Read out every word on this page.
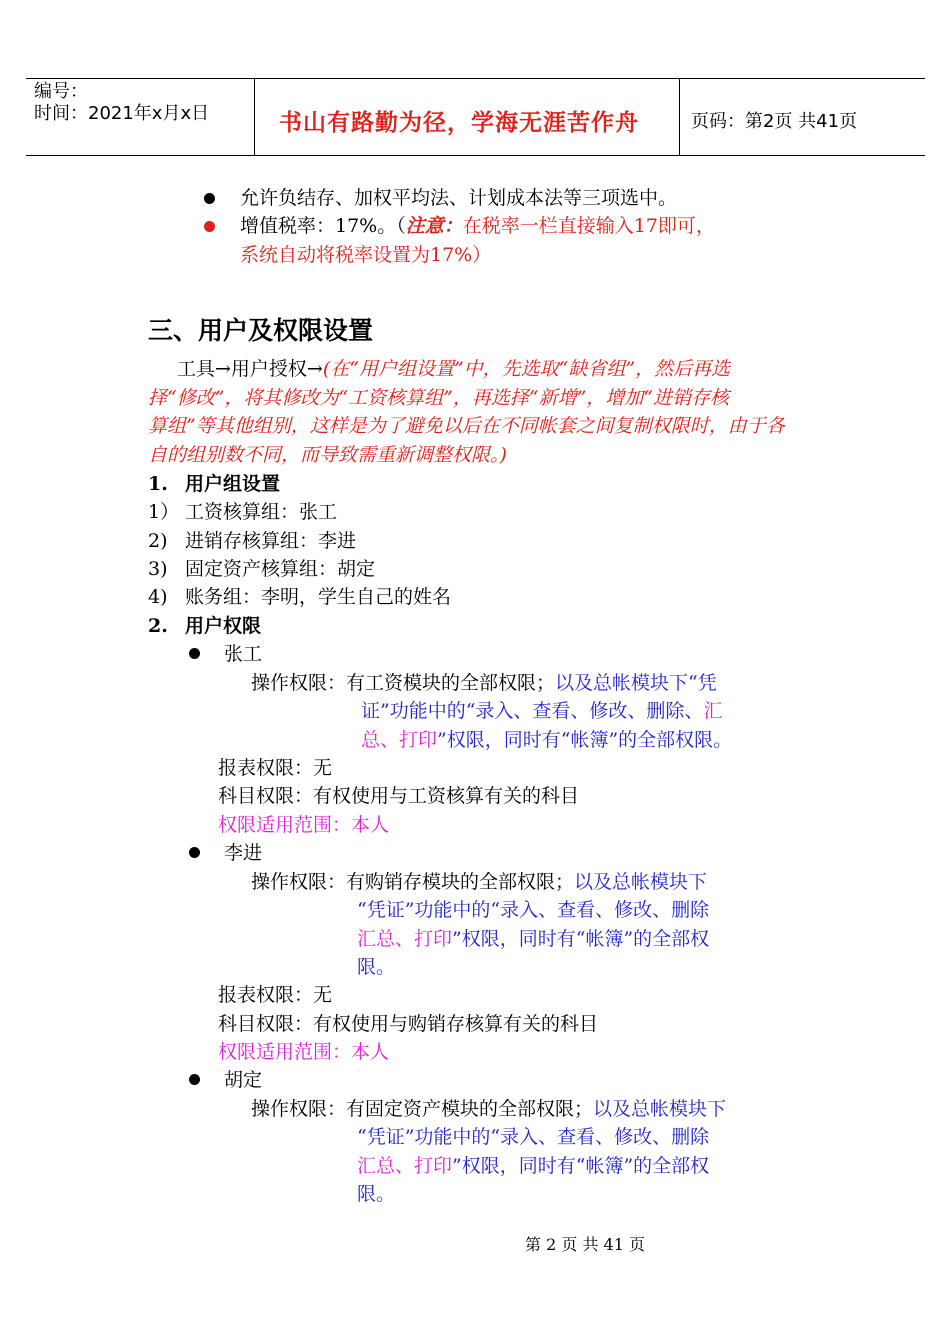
编号：
时间：2021年x月x日	书山有路勤为径，学海无涯苦作舟	页码：第2页 共41页
允许负结存、加权平均法、计划成本法等三项选中。
增值税率：17%。（注意：在税率一栏直接输入17即可，
系统自动将税率设置为17%）
三、用户及权限设置
工具→用户授权→(在“用户组设置”中，先选取“缺省组”，然后再选
择“修改”，将其修改为“工资核算组”，再选择“新增”，增加“进销存核
算组”等其他组别，这样是为了避免以后在不同帐套之间复制权限时，由于各
自的组别数不同，而导致需重新调整权限。)
1. 用户组设置
1） 工资核算组：张工
2) 进销存核算组：李进
3) 固定资产核算组：胡定
4) 账务组：李明，学生自己的姓名
2. 用户权限
张工
操作权限：有工资模块的全部权限；以及总帐模块下“凭
证”功能中的“录入、查看、修改、删除、汇
总、打印”权限，同时有“帐簿”的全部权限。
报表权限：无
科目权限：有权使用与工资核算有关的科目
权限适用范围：本人
李进
操作权限：有购销存模块的全部权限；以及总帐模块下
“凭证”功能中的“录入、查看、修改、删除
汇总、打印”权限，同时有“帐簿”的全部权
限。
报表权限：无
科目权限：有权使用与购销存核算有关的科目
权限适用范围：本人
胡定
操作权限：有固定资产模块的全部权限；以及总帐模块下
“凭证”功能中的“录入、查看、修改、删除
汇总、打印”权限，同时有“帐簿”的全部权
限。
第 2 页 共 41 页
